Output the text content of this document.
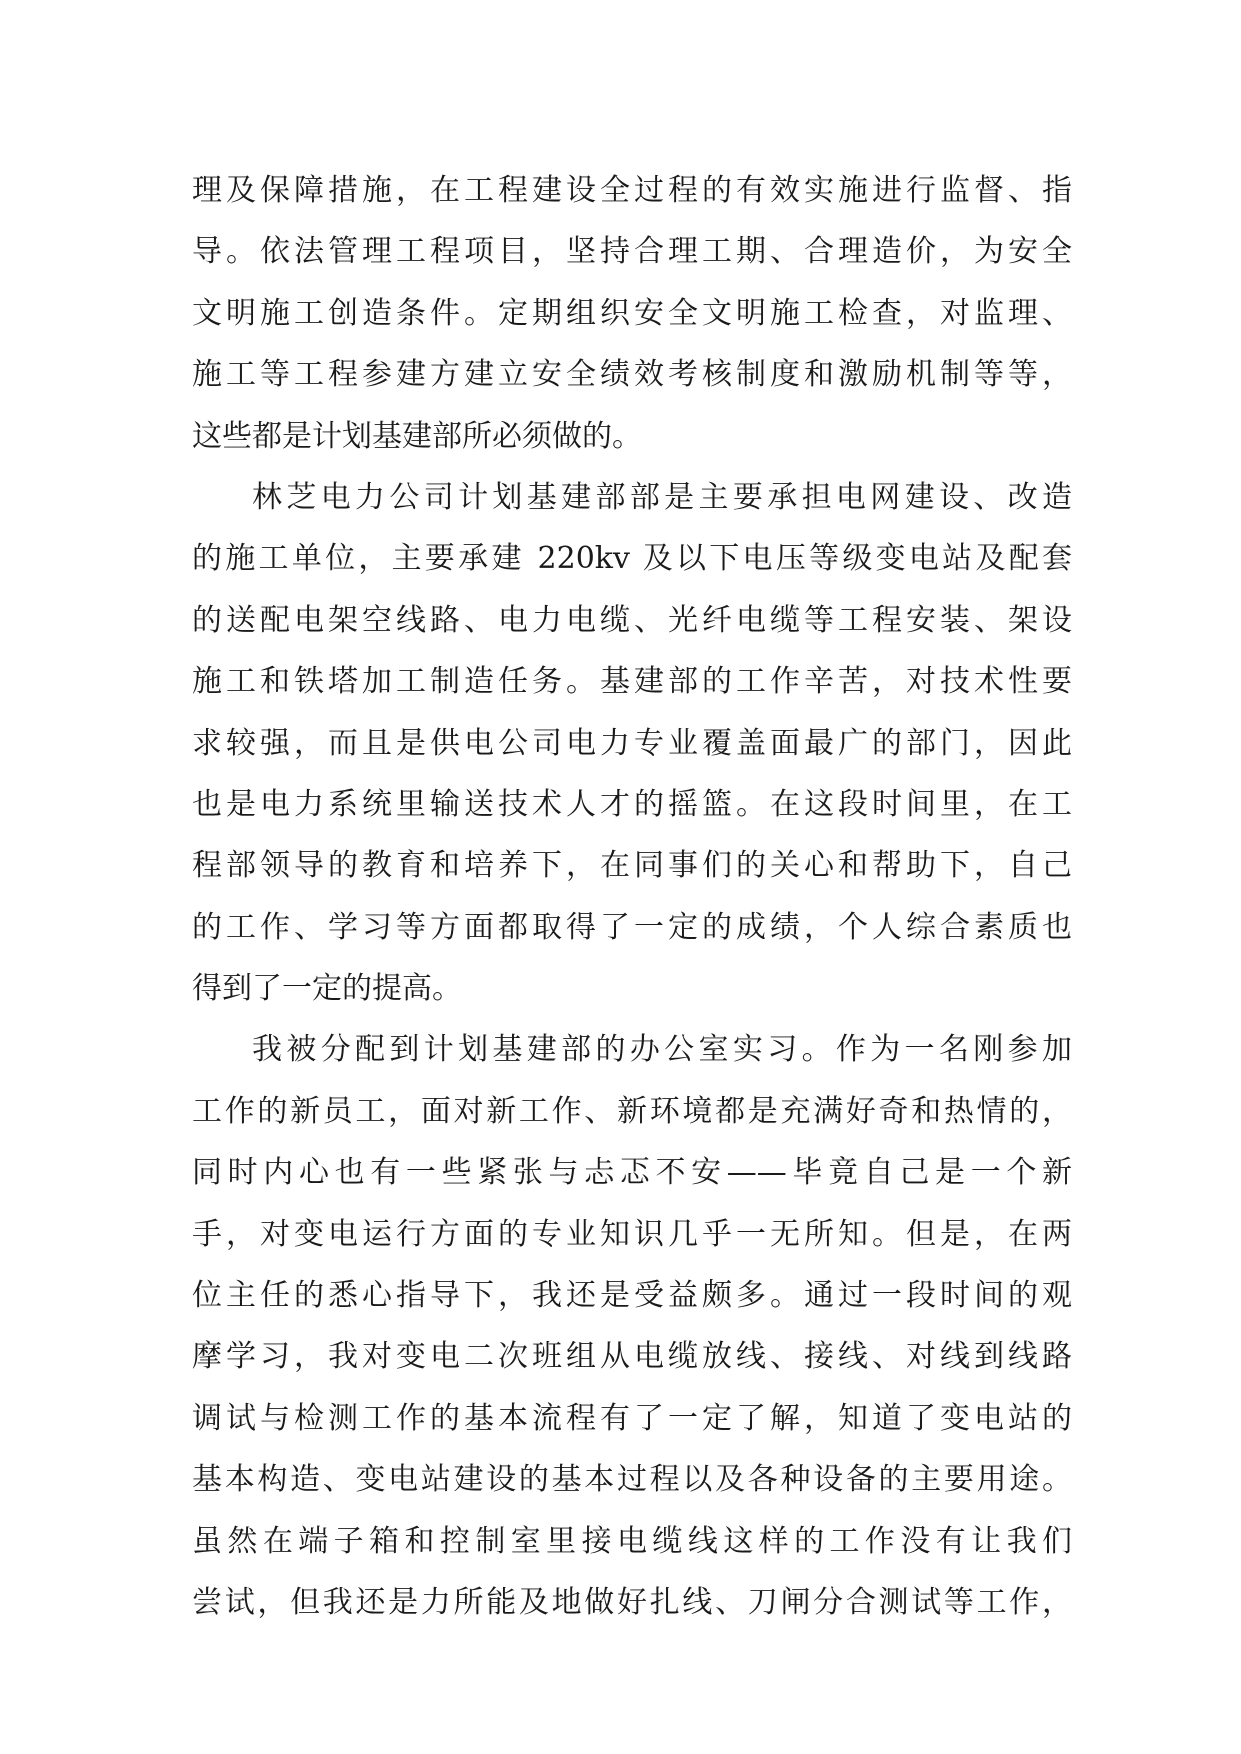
理及保障措施，在工程建设全过程的有效实施进行监督、指
导。依法管理工程项目，坚持合理工期、合理造价，为安全
文明施工创造条件。定期组织安全文明施工检查，对监理、
施工等工程参建方建立安全绩效考核制度和激励机制等等，
这些都是计划基建部所必须做的。
林芝电力公司计划基建部部是主要承担电网建设、改造
的施工单位，主要承建 220kv 及以下电压等级变电站及配套
的送配电架空线路、电力电缆、光纤电缆等工程安装、架设
施工和铁塔加工制造任务。基建部的工作辛苦，对技术性要
求较强，而且是供电公司电力专业覆盖面最广的部门，因此
也是电力系统里输送技术人才的摇篮。在这段时间里，在工
程部领导的教育和培养下，在同事们的关心和帮助下，自己
的工作、学习等方面都取得了一定的成绩，个人综合素质也
得到了一定的提高。
我被分配到计划基建部的办公室实习。作为一名刚参加
工作的新员工，面对新工作、新环境都是充满好奇和热情的，
同时内心也有一些紧张与忐忑不安——毕竟自己是一个新
手，对变电运行方面的专业知识几乎一无所知。但是，在两
位主任的悉心指导下，我还是受益颇多。通过一段时间的观
摩学习，我对变电二次班组从电缆放线、接线、对线到线路
调试与检测工作的基本流程有了一定了解，知道了变电站的
基本构造、变电站建设的基本过程以及各种设备的主要用途。
虽然在端子箱和控制室里接电缆线这样的工作没有让我们
尝试，但我还是力所能及地做好扎线、刀闸分合测试等工作，
